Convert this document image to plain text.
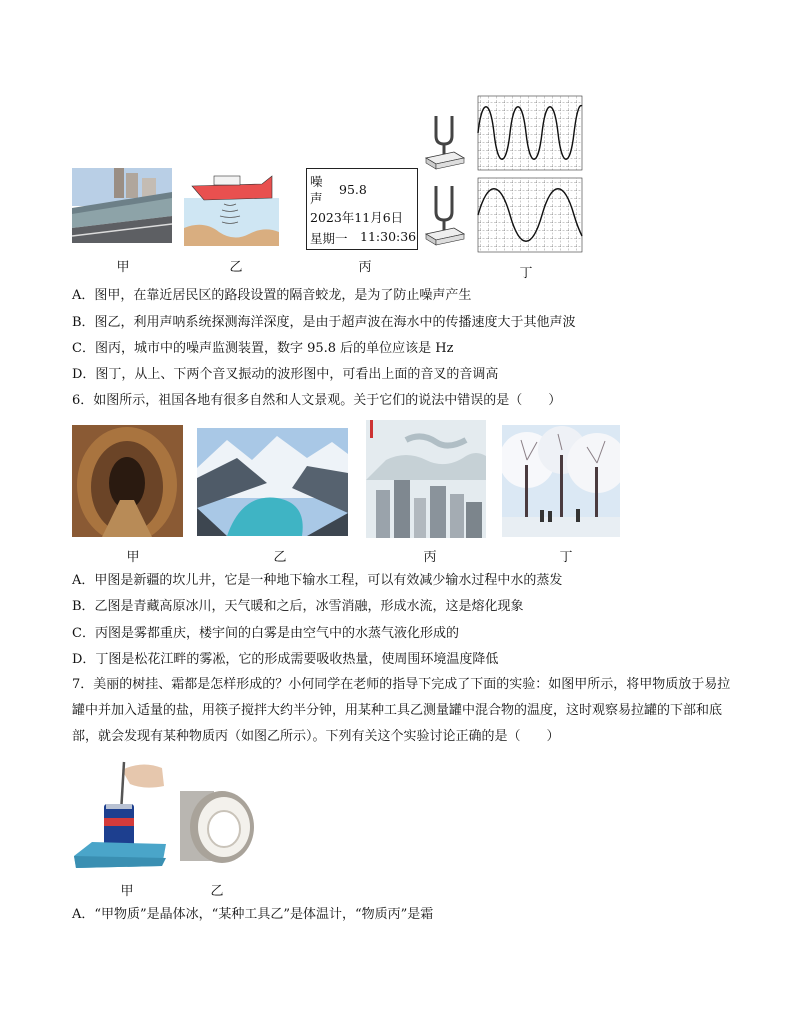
甲	乙
噪
声
95.8
2023年11月6日
星期一 11:30:36
丙	丁
A．图甲，在靠近居民区的路段设置的隔音蛟龙，是为了防止噪声产生
B．图乙，利用声呐系统探测海洋深度，是由于超声波在海水中的传播速度大于其他声波
C．图丙，城市中的噪声监测装置，数字 95.8 后的单位应该是 Hz
D．图丁，从上、下两个音叉振动的波形图中，可看出上面的音叉的音调高
6．如图所示，祖国各地有很多自然和人文景观。关于它们的说法中错误的是（　　）
甲	乙	丙	丁
A．甲图是新疆的坎儿井，它是一种地下输水工程，可以有效减少输水过程中水的蒸发
B．乙图是青藏高原冰川，天气暖和之后，冰雪消融，形成水流，这是熔化现象
C．丙图是雾都重庆，楼宇间的白雾是由空气中的水蒸气液化形成的
D．丁图是松花江畔的雾凇，它的形成需要吸收热量，使周围环境温度降低
7．美丽的树挂、霜都是怎样形成的？小何同学在老师的指导下完成了下面的实验：如图甲所示，将甲物质放于易拉罐中并加入适量的盐，用筷子搅拌大约半分钟，用某种工具乙测量罐中混合物的温度，这时观察易拉罐的下部和底部，就会发现有某种物质丙（如图乙所示）。下列有关这个实验讨论正确的是（　　）
甲	乙
A．“甲物质”是晶体冰，“某种工具乙”是体温计，“物质丙”是霜
